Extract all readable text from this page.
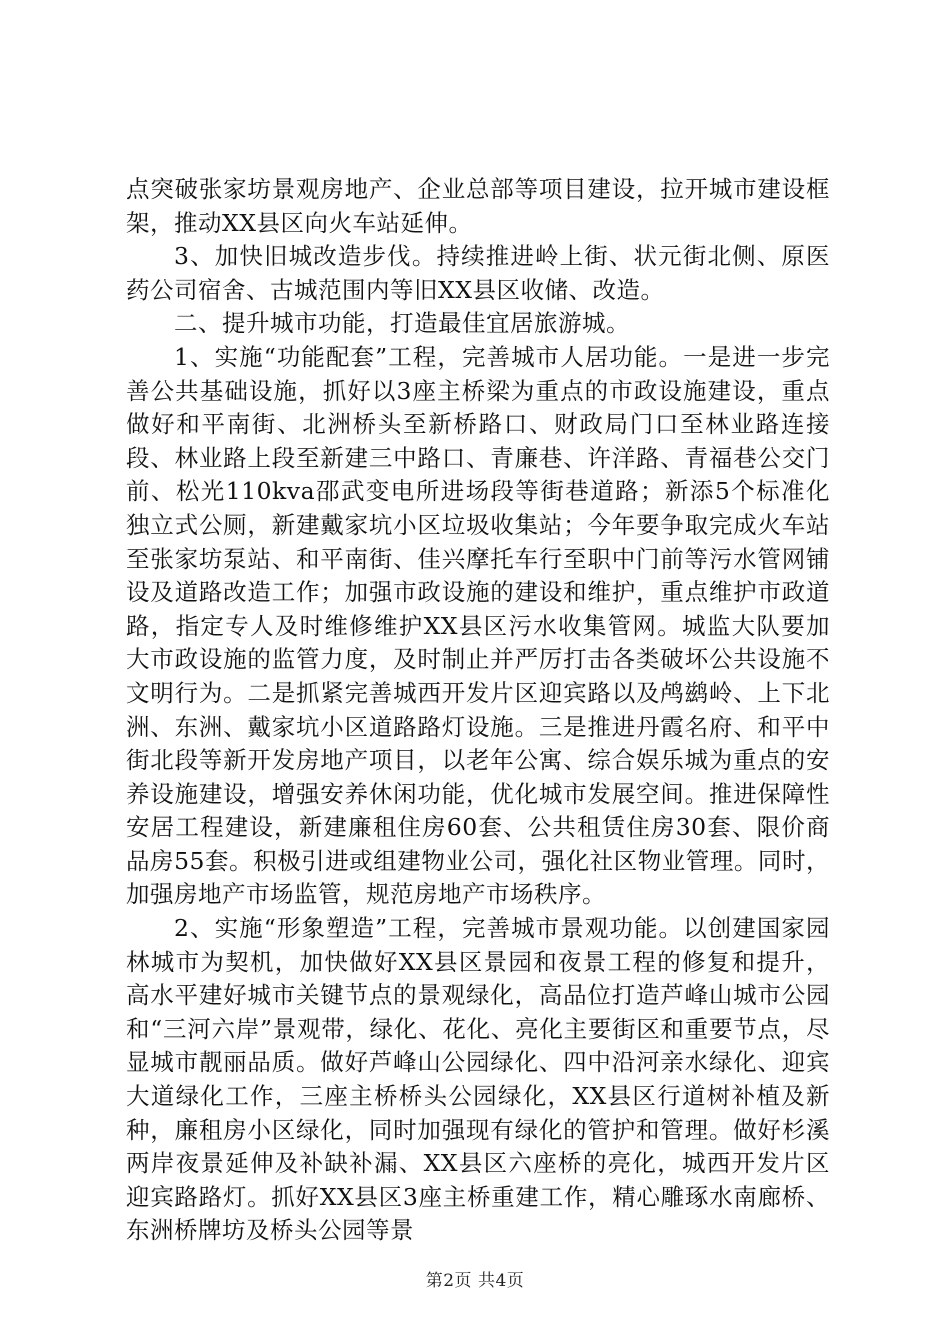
点突破张家坊景观房地产、企业总部等项目建设，拉开城市建设框架，推动XX县区向火车站延伸。

3、加快旧城改造步伐。持续推进岭上街、状元街北侧、原医药公司宿舍、古城范围内等旧XX县区收储、改造。

二、提升城市功能，打造最佳宜居旅游城。

1、实施“功能配套”工程，完善城市人居功能。一是进一步完善公共基础设施，抓好以3座主桥梁为重点的市政设施建设，重点做好和平南街、北洲桥头至新桥路口、财政局门口至林业路连接段、林业路上段至新建三中路口、青廉巷、许洋路、青福巷公交门前、松光110kva邵武变电所进场段等街巷道路；新添5个标准化独立式公厕，新建戴家坑小区垃圾收集站；今年要争取完成火车站至张家坊泵站、和平南街、佳兴摩托车行至职中门前等污水管网铺设及道路改造工作；加强市政设施的建设和维护，重点维护市政道路，指定专人及时维修维护XX县区污水收集管网。城监大队要加大市政设施的监管力度，及时制止并严厉打击各类破坏公共设施不文明行为。二是抓紧完善城西开发片区迎宾路以及鸬鹚岭、上下北洲、东洲、戴家坑小区道路路灯设施。三是推进丹霞名府、和平中街北段等新开发房地产项目，以老年公寓、综合娱乐城为重点的安养设施建设，增强安养休闲功能，优化城市发展空间。推进保障性安居工程建设，新建廉租住房60套、公共租赁住房30套、限价商品房55套。积极引进或组建物业公司，强化社区物业管理。同时，加强房地产市场监管，规范房地产市场秩序。

2、实施“形象塑造”工程，完善城市景观功能。以创建国家园林城市为契机，加快做好XX县区景园和夜景工程的修复和提升，高水平建好城市关键节点的景观绿化，高品位打造芦峰山城市公园和“三河六岸”景观带，绿化、花化、亮化主要街区和重要节点，尽显城市靓丽品质。做好芦峰山公园绿化、四中沿河亲水绿化、迎宾大道绿化工作，三座主桥桥头公园绿化，XX县区行道树补植及新种，廉租房小区绿化，同时加强现有绿化的管护和管理。做好杉溪两岸夜景延伸及补缺补漏、XX县区六座桥的亮化，城西开发片区迎宾路路灯。抓好XX县区3座主桥重建工作，精心雕琢水南廊桥、东洲桥牌坊及桥头公园等景

第2页 共4页
